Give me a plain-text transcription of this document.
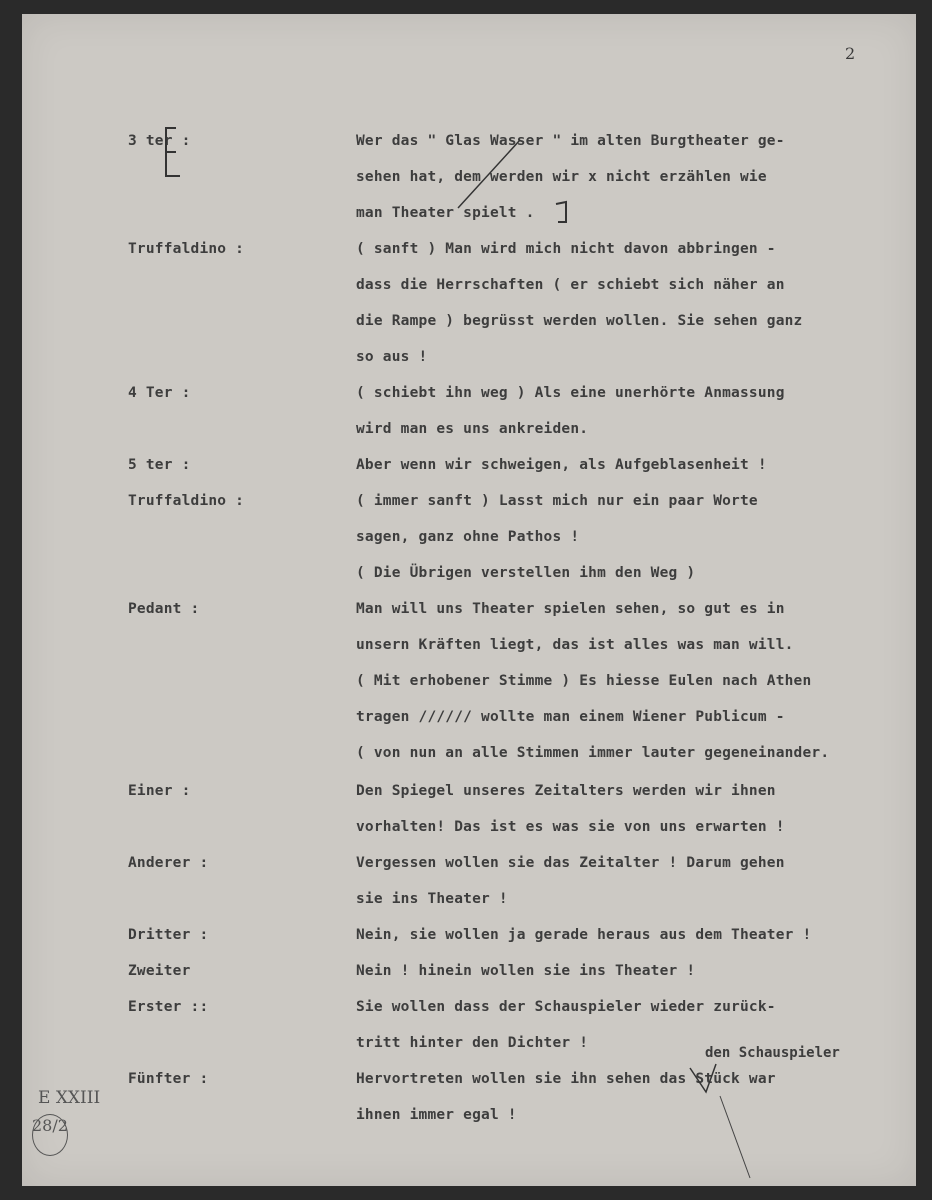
2
3 ter :	Wer das " Glas Wasser " im alten Burgtheater ge-
sehen hat, dem werden wir x nicht erzählen wie
man Theater spielt .
Truffaldino :	( sanft ) Man wird mich nicht davon abbringen -
dass die Herrschaften ( er schiebt sich näher an
die Rampe ) begrüsst werden wollen. Sie sehen ganz
so aus !
4 Ter :	( schiebt ihn weg ) Als eine unerhörte Anmassung
wird man es uns ankreiden.
5 ter :	Aber wenn wir schweigen, als Aufgeblasenheit !
Truffaldino :	( immer sanft ) Lasst mich nur ein paar Worte
sagen, ganz ohne Pathos !
( Die Übrigen verstellen ihm den Weg )
Pedant :	Man will uns Theater spielen sehen, so gut es in
unsern Kräften liegt, das ist alles was man will.
( Mit erhobener Stimme ) Es hiesse Eulen nach Athen
tragen ////// wollte man einem Wiener Publicum -
( von nun an alle Stimmen immer lauter gegeneinander.
Einer :	Den Spiegel unseres Zeitalters werden wir ihnen
vorhalten! Das ist es was sie von uns erwarten !
Anderer :	Vergessen wollen sie das Zeitalter ! Darum gehen
sie ins Theater !
Dritter :	Nein, sie wollen ja gerade heraus aus dem Theater !
Zweiter	Nein ! hinein wollen sie ins Theater !
Erster ::	Sie wollen dass der Schauspieler wieder zurück-
tritt hinter den Dichter !
Fünfter :	Hervortreten wollen sie ihn sehen das Stück war
ihnen immer egal !
den Schauspieler
E XXIII
28/2
